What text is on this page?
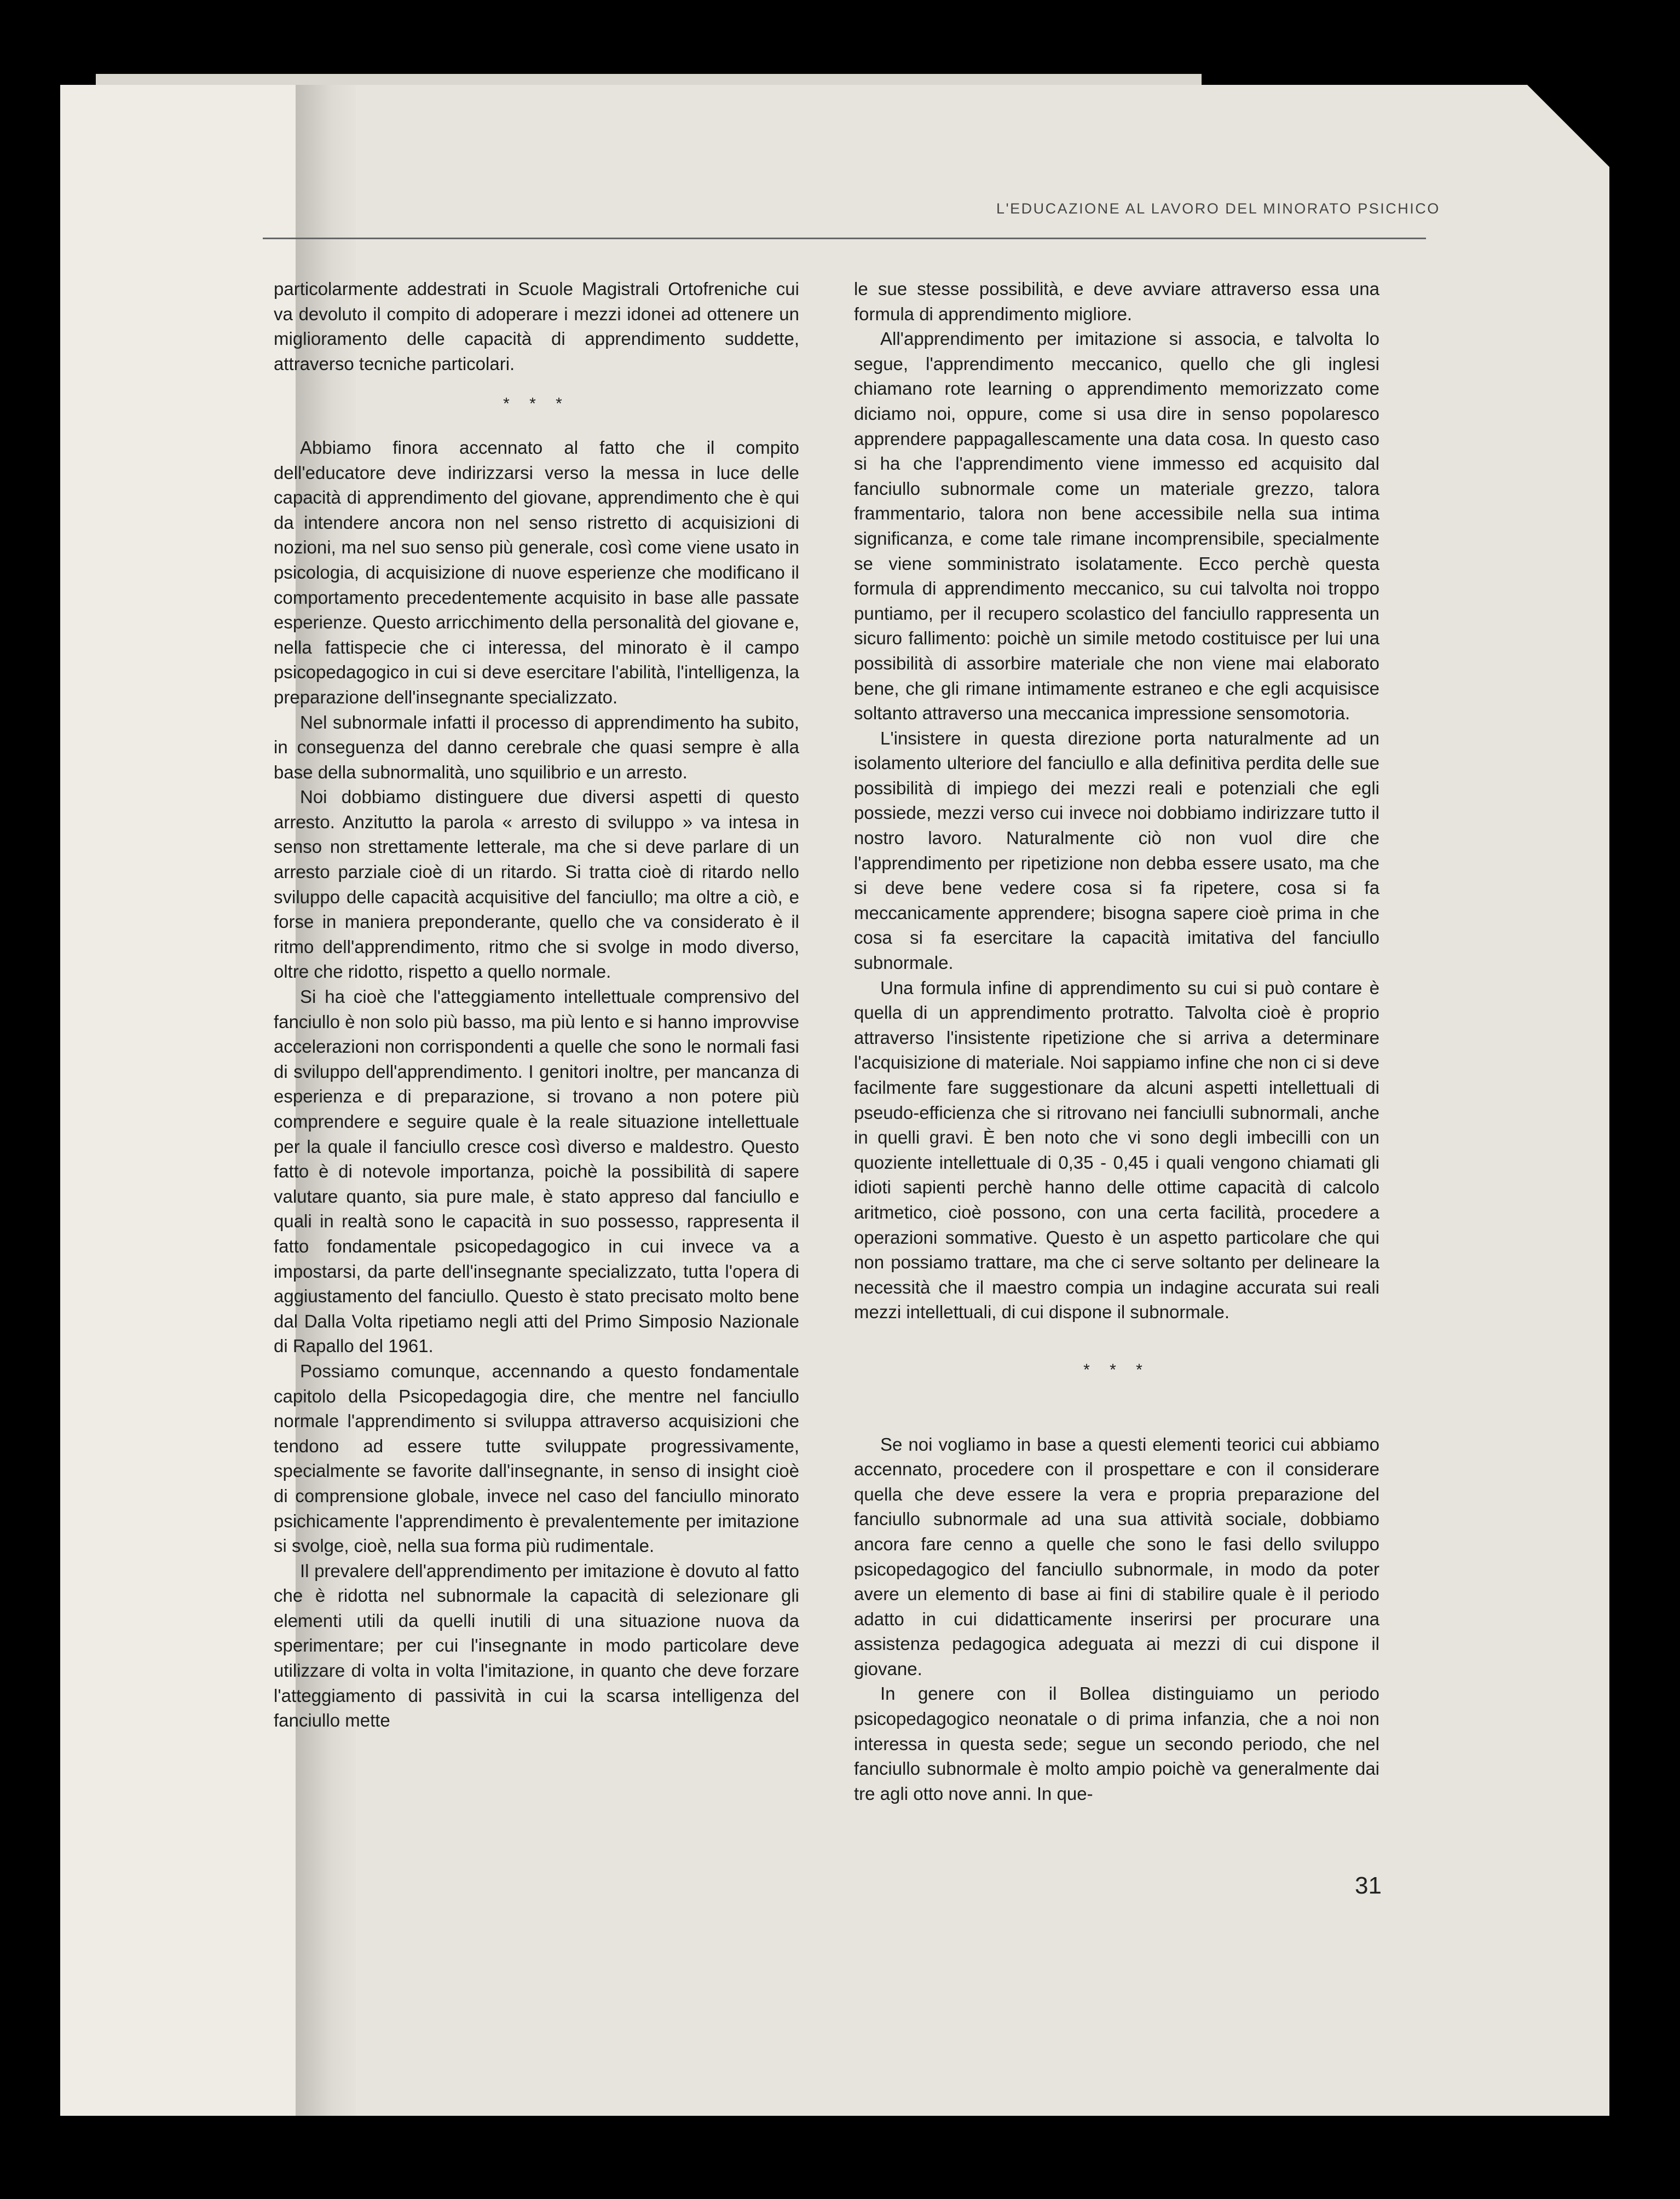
L'EDUCAZIONE AL LAVORO DEL MINORATO PSICHICO

particolarmente addestrati in Scuole Magistrali Ortofreniche cui va devoluto il compito di adoperare i mezzi idonei ad ottenere un miglioramento delle capacità di apprendimento suddette, attraverso tecniche particolari.

* * *

Abbiamo finora accennato al fatto che il compito dell'educatore deve indirizzarsi verso la messa in luce delle capacità di apprendimento del giovane, apprendimento che è qui da intendere ancora non nel senso ristretto di acquisizioni di nozioni, ma nel suo senso più generale, così come viene usato in psicologia, di acquisizione di nuove esperienze che modificano il comportamento precedentemente acquisito in base alle passate esperienze. Questo arricchimento della personalità del giovane e, nella fattispecie che ci interessa, del minorato è il campo psicopedagogico in cui si deve esercitare l'abilità, l'intelligenza, la preparazione dell'insegnante specializzato.

Nel subnormale infatti il processo di apprendimento ha subito, in conseguenza del danno cerebrale che quasi sempre è alla base della subnormalità, uno squilibrio e un arresto.

Noi dobbiamo distinguere due diversi aspetti di questo arresto. Anzitutto la parola « arresto di sviluppo » va intesa in senso non strettamente letterale, ma che si deve parlare di un arresto parziale cioè di un ritardo. Si tratta cioè di ritardo nello sviluppo delle capacità acquisitive del fanciullo; ma oltre a ciò, e forse in maniera preponderante, quello che va considerato è il ritmo dell'apprendimento, ritmo che si svolge in modo diverso, oltre che ridotto, rispetto a quello normale.

Si ha cioè che l'atteggiamento intellettuale comprensivo del fanciullo è non solo più basso, ma più lento e si hanno improvvise accelerazioni non corrispondenti a quelle che sono le normali fasi di sviluppo dell'apprendimento. I genitori inoltre, per mancanza di esperienza e di preparazione, si trovano a non potere più comprendere e seguire quale è la reale situazione intellettuale per la quale il fanciullo cresce così diverso e maldestro. Questo fatto è di notevole importanza, poichè la possibilità di sapere valutare quanto, sia pure male, è stato appreso dal fanciullo e quali in realtà sono le capacità in suo possesso, rappresenta il fatto fondamentale psicopedagogico in cui invece va a impostarsi, da parte dell'insegnante specializzato, tutta l'opera di aggiustamento del fanciullo. Questo è stato precisato molto bene dal Dalla Volta ripetiamo negli atti del Primo Simposio Nazionale di Rapallo del 1961.

Possiamo comunque, accennando a questo fondamentale capitolo della Psicopedagogia dire, che mentre nel fanciullo normale l'apprendimento si sviluppa attraverso acquisizioni che tendono ad essere tutte sviluppate progressivamente, specialmente se favorite dall'insegnante, in senso di insight cioè di comprensione globale, invece nel caso del fanciullo minorato psichicamente l'apprendimento è prevalentemente per imitazione si svolge, cioè, nella sua forma più rudimentale.

Il prevalere dell'apprendimento per imitazione è dovuto al fatto che è ridotta nel subnormale la capacità di selezionare gli elementi utili da quelli inutili di una situazione nuova da sperimentare; per cui l'insegnante in modo particolare deve utilizzare di volta in volta l'imitazione, in quanto che deve forzare l'atteggiamento di passività in cui la scarsa intelligenza del fanciullo mette

le sue stesse possibilità, e deve avviare attraverso essa una formula di apprendimento migliore.

All'apprendimento per imitazione si associa, e talvolta lo segue, l'apprendimento meccanico, quello che gli inglesi chiamano rote learning o apprendimento memorizzato come diciamo noi, oppure, come si usa dire in senso popolaresco apprendere pappagallescamente una data cosa. In questo caso si ha che l'apprendimento viene immesso ed acquisito dal fanciullo subnormale come un materiale grezzo, talora frammentario, talora non bene accessibile nella sua intima significanza, e come tale rimane incomprensibile, specialmente se viene somministrato isolatamente. Ecco perchè questa formula di apprendimento meccanico, su cui talvolta noi troppo puntiamo, per il recupero scolastico del fanciullo rappresenta un sicuro fallimento: poichè un simile metodo costituisce per lui una possibilità di assorbire materiale che non viene mai elaborato bene, che gli rimane intimamente estraneo e che egli acquisisce soltanto attraverso una meccanica impressione sensomotoria.

L'insistere in questa direzione porta naturalmente ad un isolamento ulteriore del fanciullo e alla definitiva perdita delle sue possibilità di impiego dei mezzi reali e potenziali che egli possiede, mezzi verso cui invece noi dobbiamo indirizzare tutto il nostro lavoro. Naturalmente ciò non vuol dire che l'apprendimento per ripetizione non debba essere usato, ma che si deve bene vedere cosa si fa ripetere, cosa si fa meccanicamente apprendere; bisogna sapere cioè prima in che cosa si fa esercitare la capacità imitativa del fanciullo subnormale.

Una formula infine di apprendimento su cui si può contare è quella di un apprendimento protratto. Talvolta cioè è proprio attraverso l'insistente ripetizione che si arriva a determinare l'acquisizione di materiale. Noi sappiamo infine che non ci si deve facilmente fare suggestionare da alcuni aspetti intellettuali di pseudo-efficienza che si ritrovano nei fanciulli subnormali, anche in quelli gravi. È ben noto che vi sono degli imbecilli con un quoziente intellettuale di 0,35 - 0,45 i quali vengono chiamati gli idioti sapienti perchè hanno delle ottime capacità di calcolo aritmetico, cioè possono, con una certa facilità, procedere a operazioni sommative. Questo è un aspetto particolare che qui non possiamo trattare, ma che ci serve soltanto per delineare la necessità che il maestro compia un indagine accurata sui reali mezzi intellettuali, di cui dispone il subnormale.

* * *

Se noi vogliamo in base a questi elementi teorici cui abbiamo accennato, procedere con il prospettare e con il considerare quella che deve essere la vera e propria preparazione del fanciullo subnormale ad una sua attività sociale, dobbiamo ancora fare cenno a quelle che sono le fasi dello sviluppo psicopedagogico del fanciullo subnormale, in modo da poter avere un elemento di base ai fini di stabilire quale è il periodo adatto in cui didatticamente inserirsi per procurare una assistenza pedagogica adeguata ai mezzi di cui dispone il giovane.

In genere con il Bollea distinguiamo un periodo psicopedagogico neonatale o di prima infanzia, che a noi non interessa in questa sede; segue un secondo periodo, che nel fanciullo subnormale è molto ampio poichè va generalmente dai tre agli otto nove anni. In que-

31
